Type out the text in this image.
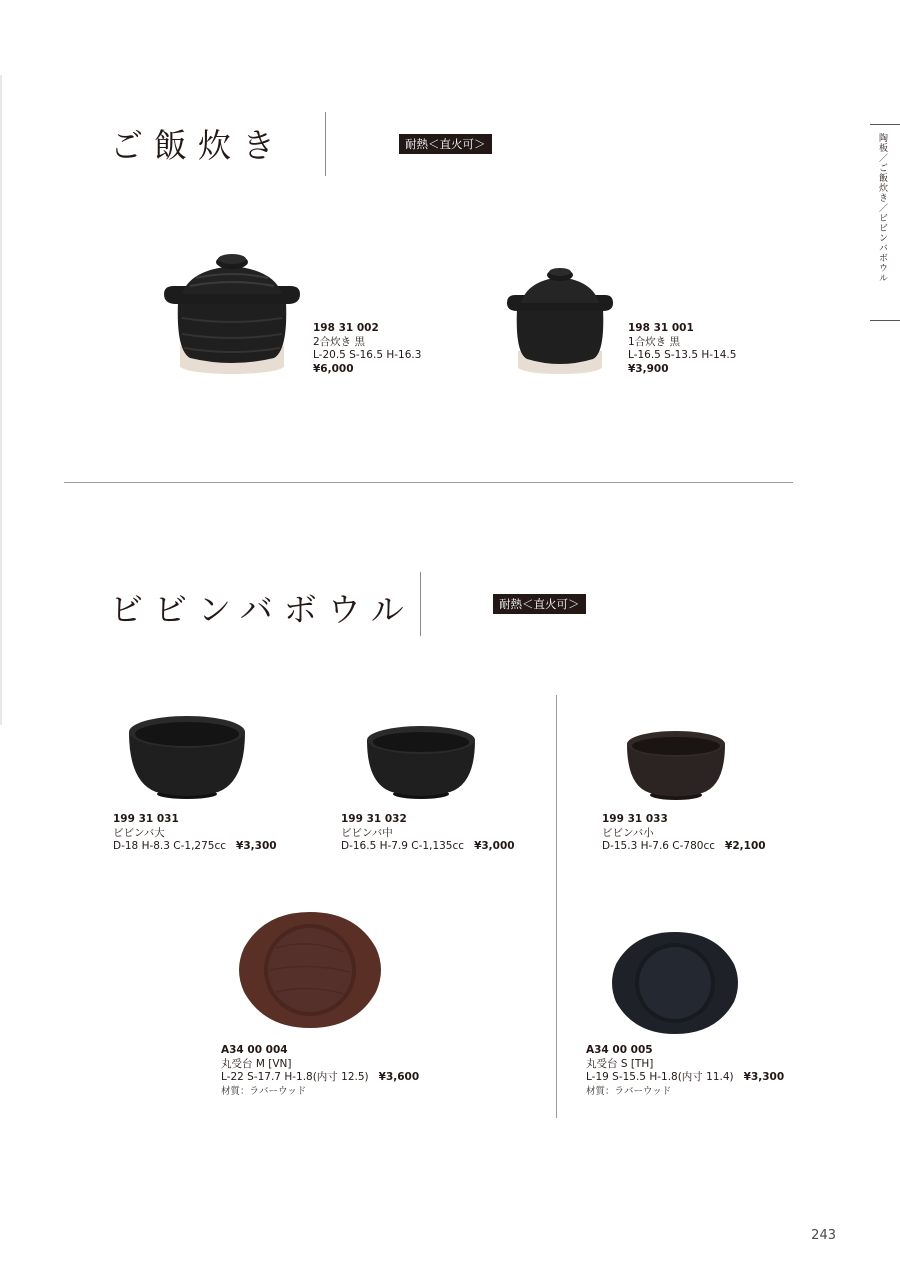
陶板／ご飯炊き／ビビンバボウル
ご飯炊き	耐熱＜直火可＞
198 31 002
2合炊き 黒
L-20.5 S-16.5 H-16.3
¥6,000
198 31 001
1合炊き 黒
L-16.5 S-13.5 H-14.5
¥3,900
ビビンバボウル	耐熱＜直火可＞
199 31 031
ビビンバ大
D-18 H-8.3 C-1,275cc ¥3,300
199 31 032
ビビンバ中
D-16.5 H-7.9 C-1,135cc ¥3,000
199 31 033
ビビンバ小
D-15.3 H-7.6 C-780cc ¥2,100
A34 00 004
丸受台 M [VN]
L-22 S-17.7 H-1.8(内寸 12.5) ¥3,600
材質：ラバーウッド
A34 00 005
丸受台 S [TH]
L-19 S-15.5 H-1.8(内寸 11.4) ¥3,300
材質：ラバーウッド
243
